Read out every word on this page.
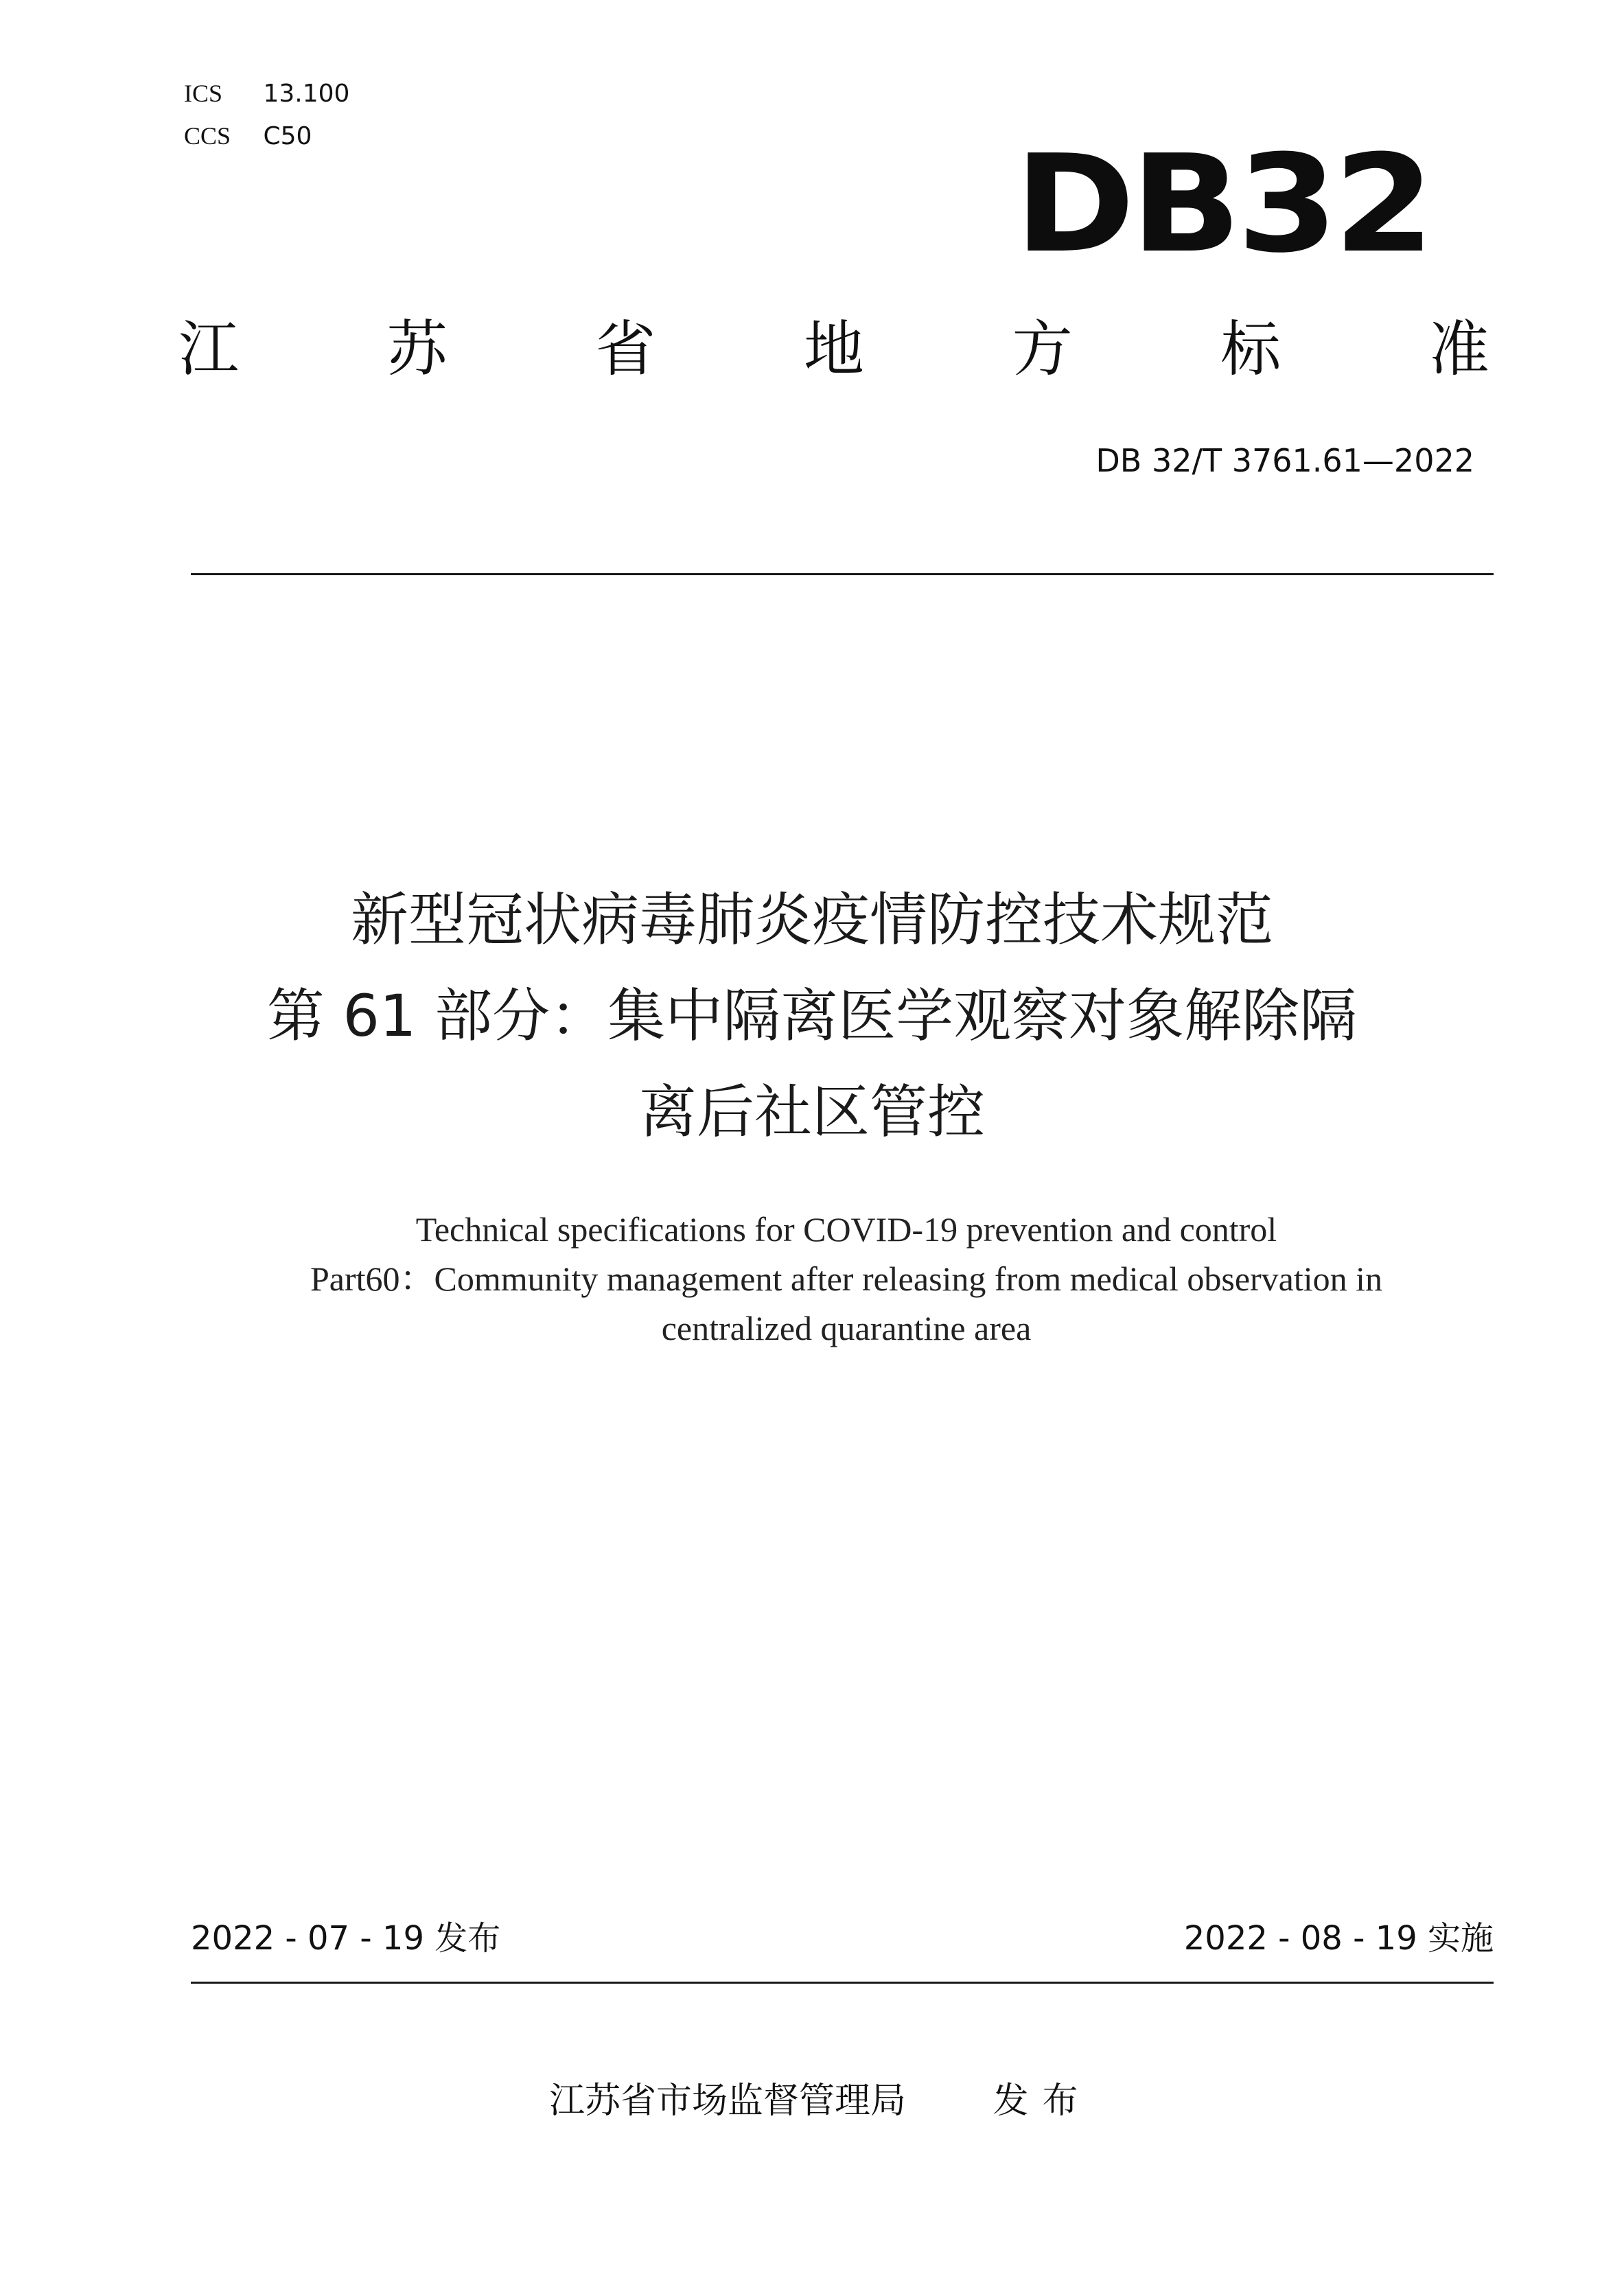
ICS 13.100
CCS C50	DB32
江 苏 省 地 方 标 准
DB 32/T 3761.61—2022
新型冠状病毒肺炎疫情防控技术规范
第 61 部分：集中隔离医学观察对象解除隔
离后社区管控
Technical specifications for COVID-19 prevention and control
Part60：Community management after releasing from medical observation in
centralized quarantine area
2022 - 07 - 19 发布	2022 - 08 - 19 实施
江苏省市场监督管理局 发布
